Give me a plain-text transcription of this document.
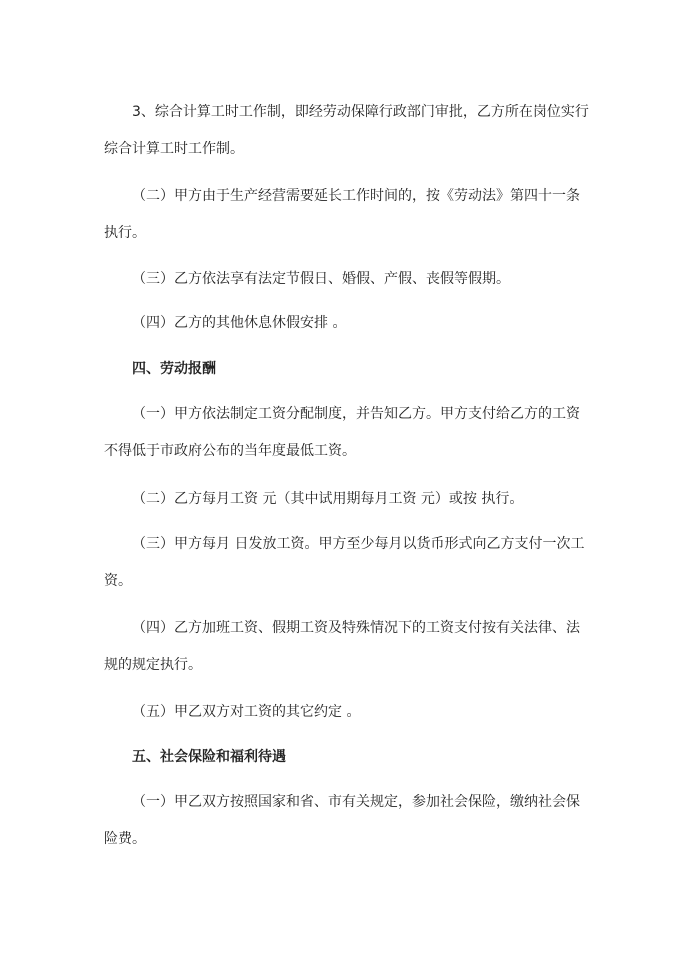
3、综合计算工时工作制，即经劳动保障行政部门审批，乙方所在岗位实行
综合计算工时工作制。

（二）甲方由于生产经营需要延长工作时间的，按《劳动法》第四十一条
执行。

（三）乙方依法享有法定节假日、婚假、产假、丧假等假期。

（四）乙方的其他休息休假安排 。

四、劳动报酬

（一）甲方依法制定工资分配制度，并告知乙方。甲方支付给乙方的工资
不得低于市政府公布的当年度最低工资。

（二）乙方每月工资 元（其中试用期每月工资 元）或按 执行。

（三）甲方每月 日发放工资。甲方至少每月以货币形式向乙方支付一次工
资。

（四）乙方加班工资、假期工资及特殊情况下的工资支付按有关法律、法
规的规定执行。

（五）甲乙双方对工资的其它约定 。

五、社会保险和福利待遇

（一）甲乙双方按照国家和省、市有关规定，参加社会保险，缴纳社会保
险费。
